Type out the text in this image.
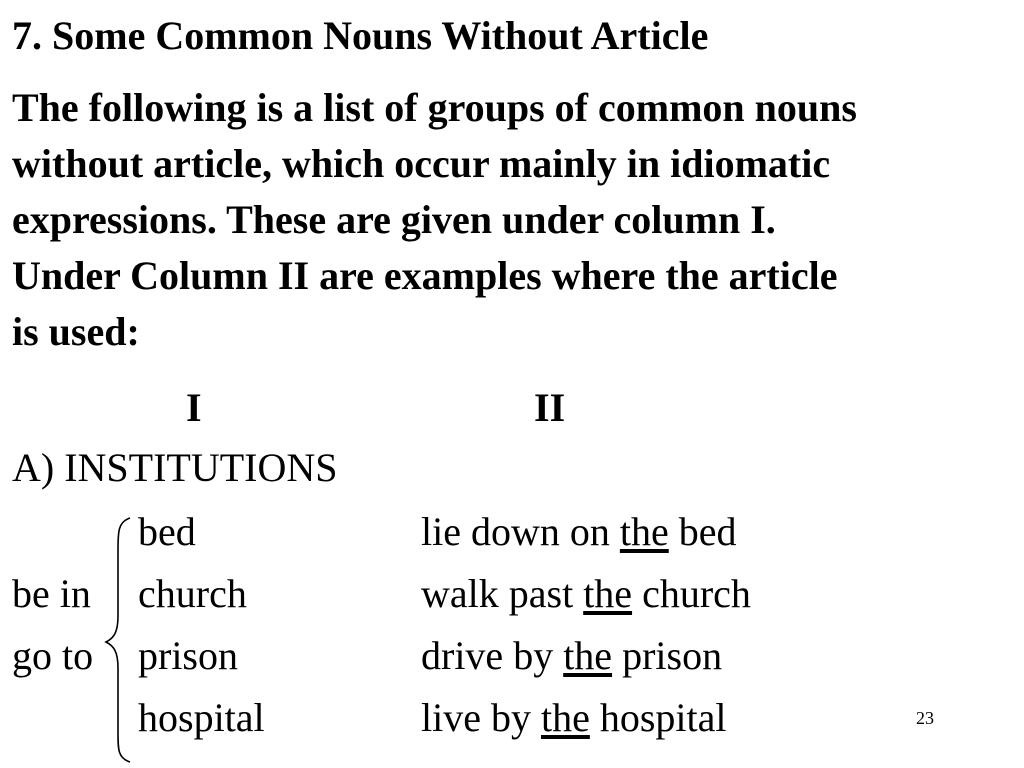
7. Some Common Nouns Without Article
The following is a list of groups of common nouns
without article, which occur mainly in idiomatic
expressions. These are given under column I.
Under Column II are examples where the article
is used:
I	II
A) INSTITUTIONS
be in
go to
bed
church
prison
hospital
lie down on the bed
walk past the church
drive by the prison
live by the hospital	23
